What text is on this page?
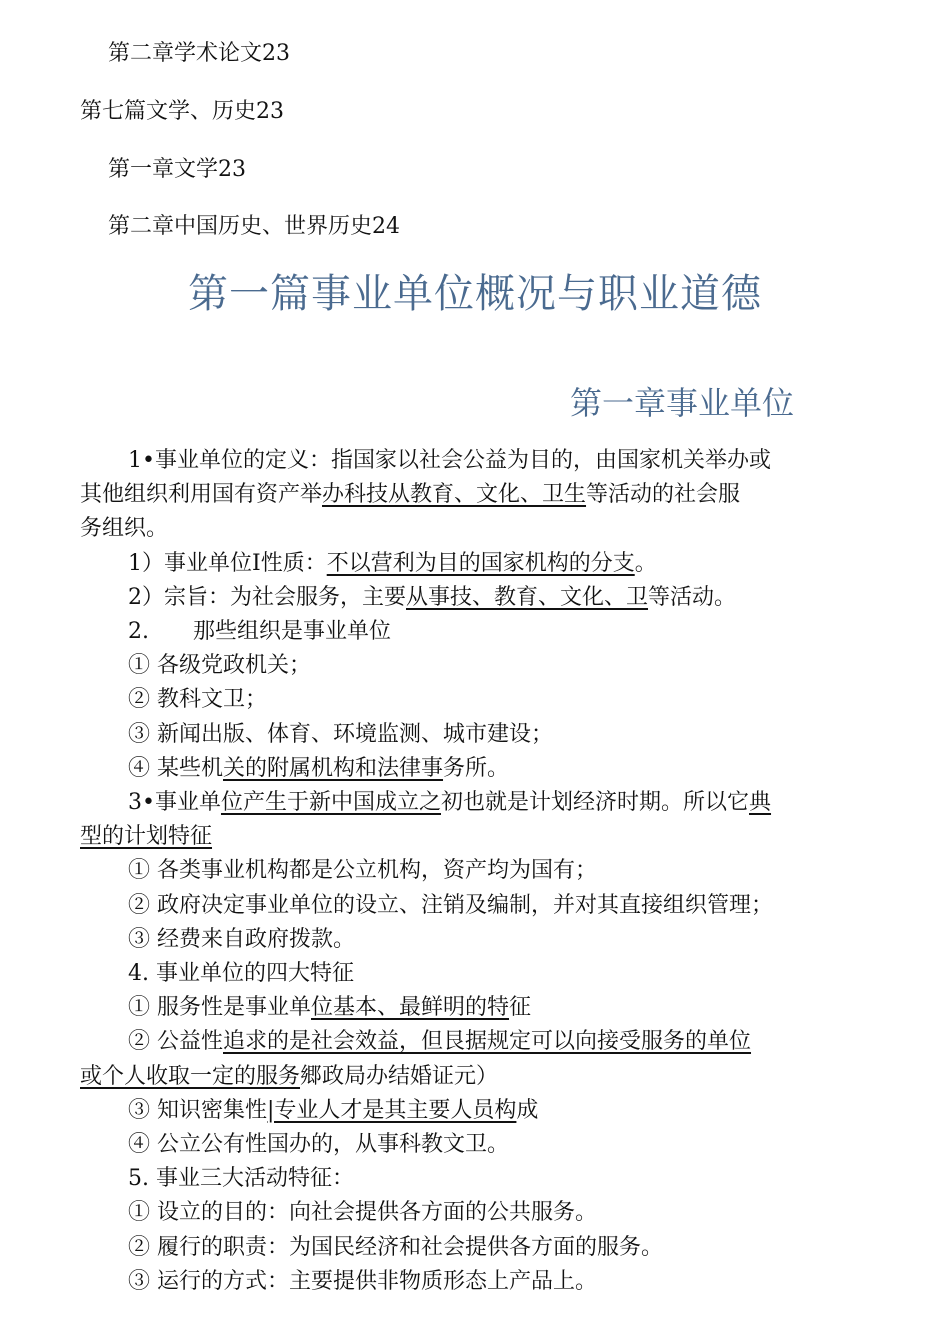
第二章学术论文23
第七篇文学、历史23
第一章文学23
第二章中国历史、世界历史24
第一篇事业单位概况与职业道德
第一章事业单位
1•事业单位的定义：指国家以社会公益为目的，由国家机关举办或
其他组织利用国有资产举办科技从教育、文化、卫生等活动的社会服
务组织。
1）事业单位Ⅰ性质：不以营利为目的国家机构的分支。
2）宗旨：为社会服务，主要从事技、教育、文化、卫等活动。
2.　　那些组织是事业单位
① 各级党政机关；
② 教科文卫；
③ 新闻出版、体育、环境监测、城市建设；
④ 某些机关的附属机构和法律事务所。
3•事业单位产生于新中国成立之初也就是计划经济时期。所以它典
型的计划特征
① 各类事业机构都是公立机构，资产均为国有；
② 政府决定事业单位的设立、注销及编制，并对其直接组织管理；
③ 经费来自政府拨款。
4. 事业单位的四大特征
① 服务性是事业单位基本、最鲜明的特征
② 公益性追求的是社会效益，但艮据规定可以向接受服务的单位
或个人收取一定的服务郷政局办结婚证元）
③ 知识密集性|专业人才是其主要人员构成
④ 公立公有性国办的，从事科教文卫。
5. 事业三大活动特征：
① 设立的目的：向社会提供各方面的公共服务。
② 履行的职责：为国民经济和社会提供各方面的服务。
③ 运行的方式：主要提供非物质形态上产品上。
